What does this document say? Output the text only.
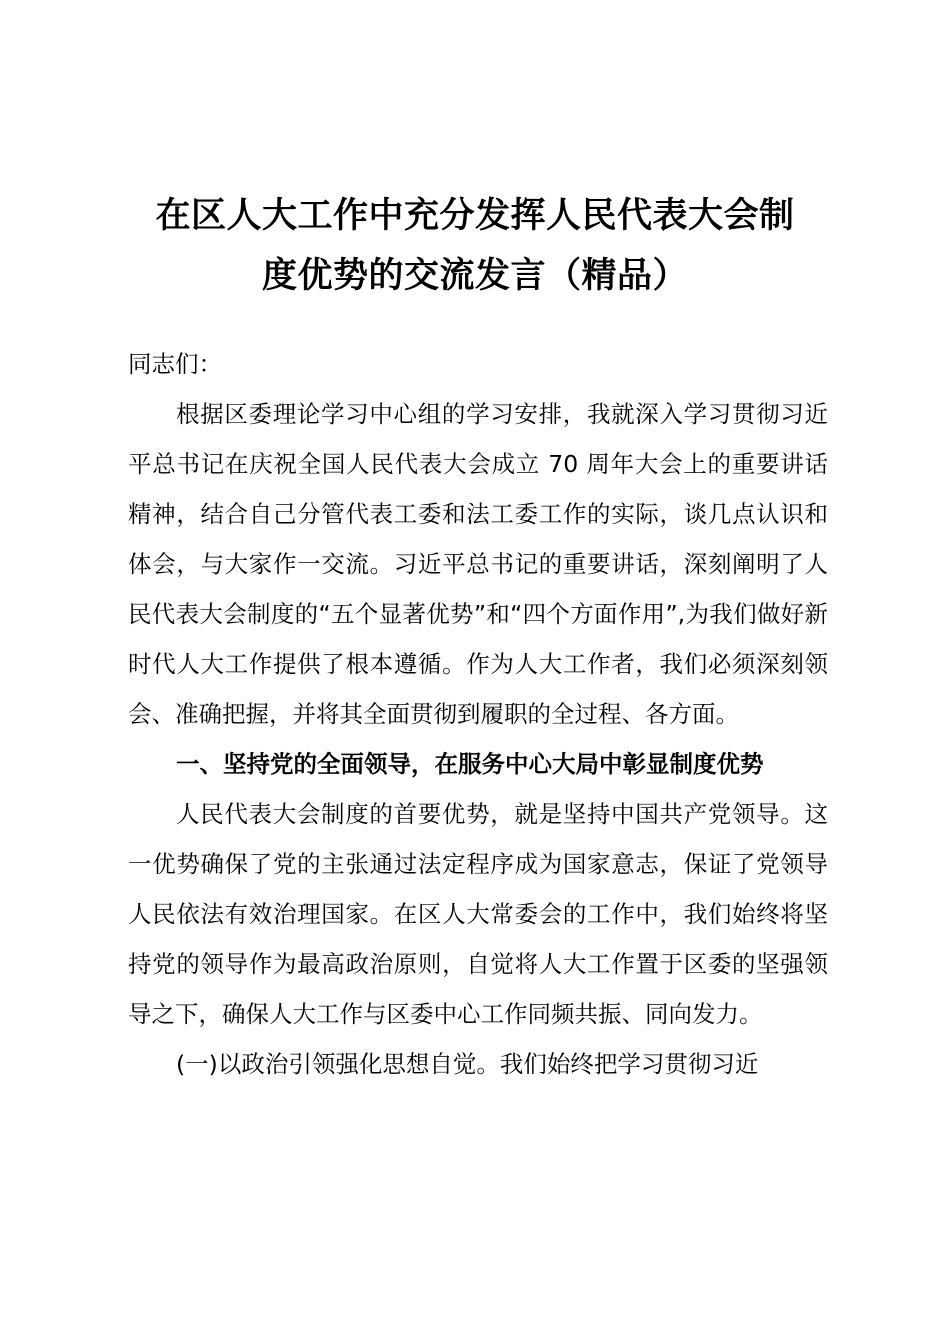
在区人大工作中充分发挥人民代表大会制
度优势的交流发言（精品）

同志们：

根据区委理论学习中心组的学习安排，我就深入学习贯彻习近平总书记在庆祝全国人民代表大会成立 70 周年大会上的重要讲话精神，结合自己分管代表工委和法工委工作的实际，谈几点认识和体会，与大家作一交流。习近平总书记的重要讲话，深刻阐明了人民代表大会制度的“五个显著优势”和“四个方面作用”,为我们做好新时代人大工作提供了根本遵循。作为人大工作者，我们必须深刻领会、准确把握，并将其全面贯彻到履职的全过程、各方面。

一、坚持党的全面领导，在服务中心大局中彰显制度优势

人民代表大会制度的首要优势，就是坚持中国共产党领导。这一优势确保了党的主张通过法定程序成为国家意志，保证了党领导人民依法有效治理国家。在区人大常委会的工作中，我们始终将坚持党的领导作为最高政治原则，自觉将人大工作置于区委的坚强领导之下，确保人大工作与区委中心工作同频共振、同向发力。

(一)以政治引领强化思想自觉。我们始终把学习贯彻习近
